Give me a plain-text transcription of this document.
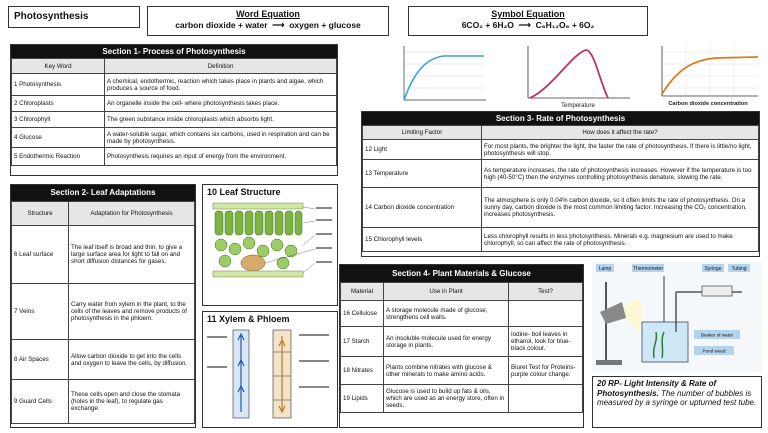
Photosynthesis	Word Equation
carbon dioxide + water  ⟶  oxygen + glucose
Symbol Equation
6CO₂ + 6H₂O  ⟶  C₆H₁₂O₆ + 6O₂
Section 1- Process of Photosynthesis
Key Word	Definition
1 Photosynthesis	A chemical, endothermic, reaction which takes place in plants and algae, which produces a source of food.
2 Chloroplasts	An organelle inside the cell- where photosynthesis takes place.
3 Chlorophyll	The green substance inside chloroplasts which absorbs light.
4 Glucose	A water-soluble sugar, which contains six carbons, used in respiration and can be made by photosynthesis.
5 Endothermic Reaction	Photosynthesis requires an input of energy from the environment.
Section 2- Leaf Adaptations
Structure	Adaptation for Photosynthesis
6 Leaf surface	The leaf itself is broad and thin, to give a large surface area for light to fall on and short diffusion distances for gases.
7 Veins	Carry water from xylem in the plant, to the cells of the leaves and remove products of photosynthesis in the phloem.
8 Air Spaces	Allow carbon dioxide to get into the cells and oxygen to leave the cells, by diffusion.
9 Guard Cells	These cells open and close the stomata (holes in the leaf), to regulate gas exchange.
10 Leaf Structure
11 Xylem & Phloem
Temperature	Carbon dioxide concentration
Section 3- Rate of Photosynthesis
Limiting Factor	How does it affect the rate?
12 Light	For most plants, the brighter the light, the faster the rate of photosynthesis. If there is little/no light, photosynthesis will stop.
13 Temperature	As temperature increases, the rate of photosynthesis increases. However if the temperature is too high (40-50°C) then the enzymes controlling photosynthesis denature, slowing the rate.
14 Carbon dioxide concentration	The atmosphere is only 0.04% carbon dioxide, so it often limits the rate of photosynthesis. On a sunny day, carbon dioxide is the most common limiting factor. Increasing the CO₂ concentration, increases photosynthesis.
15 Chlorophyll levels	Less chlorophyll results in less photosynthesis. Minerals e.g. magnesium are used to make chlorophyll, so can affect the rate of photosynthesis.
Section 4- Plant Materials & Glucose
Material	Use in Plant	Test?
16 Cellulose	A storage molecule made of glucose, strengthens cell walls.	
17 Starch	An insoluble molecule used for energy storage in plants.	Iodine- boil leaves in ethanol, look for blue-black colour.
18 Nitrates	Plants combine nitrates with glucose & other minerals to make amino acids.	Biuret Test for Proteins- purple colour change.
19 Lipids	Glucose is used to build up fats & oils, which are used as an energy store, often in seeds.	
Lamp	Thermometer	Syringe Tubing
Beaker of water
Pond weed
20 RP- Light Intensity & Rate of Photosynthesis. The number of bubbles is measured by a syringe or upturned test tube.
